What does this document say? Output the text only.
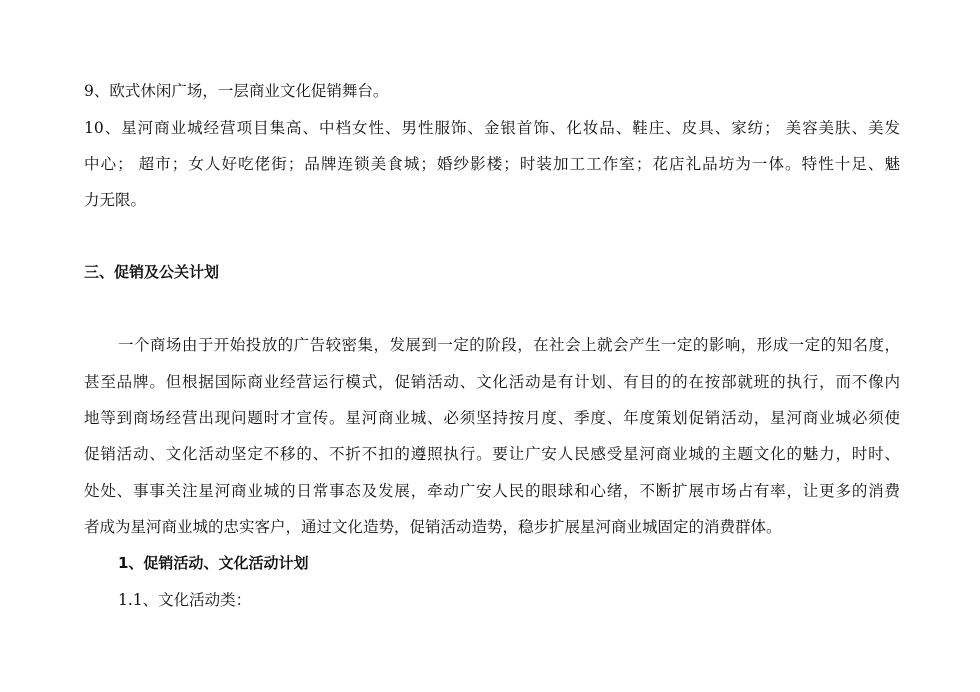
9、欧式休闲广场，一层商业文化促销舞台。
10、星河商业城经营项目集高、中档女性、男性服饰、金银首饰、化妆品、鞋庄、皮具、家纺； 美容美肤、美发
中心； 超市；女人好吃佬街；品牌连锁美食城；婚纱影楼；时装加工工作室；花店礼品坊为一体。特性十足、魅
力无限。
三、促销及公关计划
一个商场由于开始投放的广告较密集，发展到一定的阶段，在社会上就会产生一定的影响，形成一定的知名度，
甚至品牌。但根据国际商业经营运行模式，促销活动、文化活动是有计划、有目的的在按部就班的执行，而不像内
地等到商场经营出现问题时才宣传。星河商业城、必须坚持按月度、季度、年度策划促销活动，星河商业城必须使
促销活动、文化活动坚定不移的、不折不扣的遵照执行。要让广安人民感受星河商业城的主题文化的魅力，时时、
处处、事事关注星河商业城的日常事态及发展，牵动广安人民的眼球和心绪，不断扩展市场占有率，让更多的消费
者成为星河商业城的忠实客户，通过文化造势，促销活动造势，稳步扩展星河商业城固定的消费群体。
1、促销活动、文化活动计划
1.1、文化活动类：
